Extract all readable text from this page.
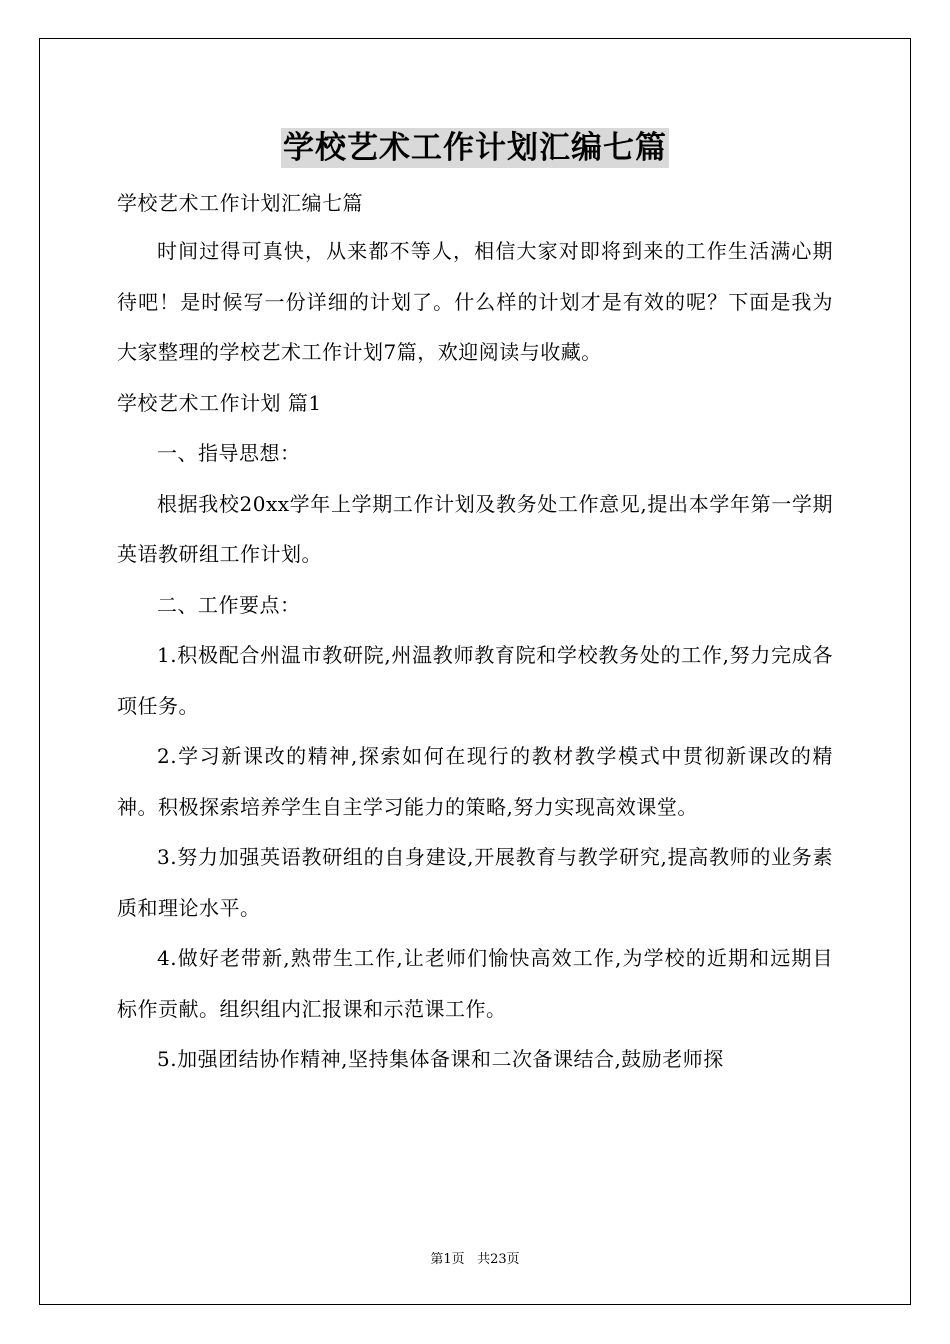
学校艺术工作计划汇编七篇

学校艺术工作计划汇编七篇

时间过得可真快，从来都不等人，相信大家对即将到来的工作生活满心期待吧！是时候写一份详细的计划了。什么样的计划才是有效的呢？下面是我为大家整理的学校艺术工作计划7篇，欢迎阅读与收藏。

学校艺术工作计划 篇1

一、指导思想：

根据我校20xx学年上学期工作计划及教务处工作意见,提出本学年第一学期英语教研组工作计划。

二、工作要点：

1.积极配合州温市教研院,州温教师教育院和学校教务处的工作,努力完成各项任务。

2.学习新课改的精神,探索如何在现行的教材教学模式中贯彻新课改的精神。积极探索培养学生自主学习能力的策略,努力实现高效课堂。

3.努力加强英语教研组的自身建设,开展教育与教学研究,提高教师的业务素质和理论水平。

4.做好老带新,熟带生工作,让老师们愉快高效工作,为学校的近期和远期目标作贡献。组织组内汇报课和示范课工作。

5.加强团结协作精神,坚持集体备课和二次备课结合,鼓励老师探

第1页 共23页
